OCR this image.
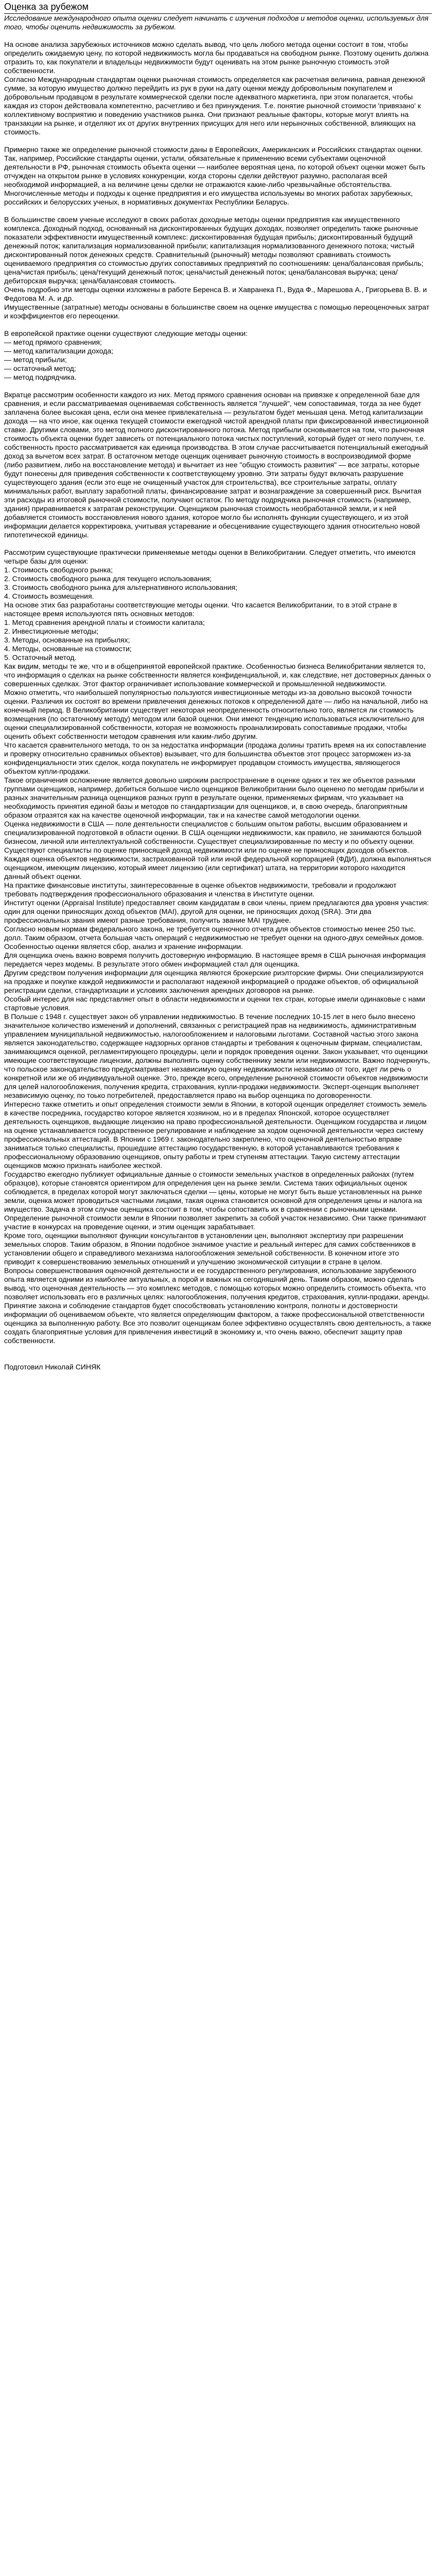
Оценка за рубежом

Исследование международного опыта оценки следует начинать с изучения подходов и методов оценки, используемых для того, чтобы оценить недвижимость за рубежом.

На основе анализа зарубежных источников можно сделать вывод, что цель любого метода оценки состоит в том, чтобы определить ожидаемую цену, по которой недвижимость могла бы продаваться на свободном рынке. Поэтому оценить должна отразить то, как покупатели и владельцы недвижимости будут оценивать на этом рынке рыночную стоимость этой собственности.

Согласно Международным стандартам оценки рыночная стоимость определяется как расчетная величина, равная денежной сумме, за которую имущество должно перейдить из рук в руки на дату оценки между добровольным покупателем и добровольным продавцом в результате коммерческой сделки после адекватного маркетинга, при этом полагается, чтобы каждая из сторон действовала компетентно, расчетливо и без принуждения. Т.е. понятие рыночной стоимости 'привязано' к коллективному восприятию и поведению участников рынка. Они признают реальные факторы, которые могут влиять на транзакции на рынке, и отделяют их от других внутренних присущих для него или нерыночных собственной, влияющих на стоимость.

Примерно также же определение рыночной стоимости даны в Европейских, Американских и Российских стандартах оценки.

Так, например, Российские стандарты оценки, устали, обязательные к применению всеми субъектами оценочной деятельности в РФ, рыночная стоимость объекта оценки — наиболее вероятная цена, по которой объект оценки может быть отчужден на открытом рынке в условиях конкуренции, когда стороны сделки действуют разумно, располагая всей необходимой информацией, а на величине цены сделки не отражаются какие-либо чрезвычайные обстоятельства.

Многочисленные методы и подходы к оценке предприятия и его имущества используемы во многих работах зарубежных, российских и белорусских ученых, в нормативных документах Республики Беларусь.

В большинстве своем ученые исследуют в своих работах доходные методы оценки предприятия как имущественного комплекса. Доходный подход, основанный на дисконтированных будущих доходах, позволяет определить также рыночные показатели эффективности имущественный комплекс: дисконтированная будущая прибыль; дисконтированный будущий денежный поток; капитализация нормализованной прибыли; капитализация нормализованного денежного потока; чистый дисконтированный поток денежных средств. Сравнительный (рыночный) методы позволяют сравнивать стоимость оцениваемого предприятия со стоимостью других сопоставимых предприятий по соотношениям: цена/балансовая прибыль; цена/чистая прибыль; цена/текущий денежный поток; цена/чистый денежный поток; цена/балансовая выручка; цена/дебиторская выручка; цена/балансовая стоимость.

Очень подробно эти методы оценки изложены в работе Беренса В. и Хавранека П., Вуда Ф., Марешова А., Григорьева В. В. и Федотова М. А. и др.

Имущественные (затратные) методы основаны в большинстве своем на оценке имущества с помощью переоценочных затрат и коэффициентов его переоценки.

В европейской практике оценки существуют следующие методы оценки:

— метод прямого сравнения;
— метод капитализации дохода;
— метод прибыли;
— остаточный метод;
— метод подрядчика.

Вкратце рассмотрим особенности каждого из них. Метод прямого сравнения основан на привязке к определенной базе для сравнения, и если рассматриваемая оцениваемая собственность является "лучшей", чем сопоставимая, тогда за нее будет заплачена более высокая цена, если она менее привлекательна — результатом будет меньшая цена. Метод капитализации дохода — на что иное, как оценка текущей стоимости ежегодной чистой арендной платы при фиксированной инвестиционной ставке. Другими словами, это метод полного дисконтированного потока. Метод прибыли основывается на том, что рыночная стоимость объекта оценки будет зависеть от потенциального потока чистых поступлений, который будет от него получен, т.е. собственность просто рассматривается как единица производства. В этом случае рассчитывается потенциальный ежегодный доход за вычетом всех затрат. В остаточном методе оценщик оценивает рыночную стоимость в воспроизводимой форме (либо развитием, либо на восстановление метода) и вычитает из нее "общую стоимость развития" — все затраты, которые будут понесены для приведения собственности к соответствующему уровню. Эти затраты будут включать разрушение существующего здания (если это еще не очищенный участок для строительства), все строительные затраты, оплату минимальных работ, выплату заработной платы, финансирование затрат и вознаграждение за совершенный риск. Вычитая эти расходы из итоговой рыночной стоимости, получают остаток. По методу подрядчика рыночная стоимость (например, здания) приравнивается к затратам реконструкции. Оценщиком рыночная стоимость необработанной земли, и к ней добавляется стоимость восстановления нового здания, которое могло бы исполнять функции существующего, и из этой информации делается корректировка, учитывая устаревание и обесценивание существующего здания относительно новой гипотетической единицы.

Рассмотрим существующие практически применяемые методы оценки в Великобритании. Следует отметить, что имеются четыре базы для оценки:

1. Стоимость свободного рынка;

2. Стоимость свободного рынка для текущего использования;

3. Стоимость свободного рынка для альтернативного использования;

4. Стоимость возмещения.

На основе этих баз разработаны соответствующие методы оценки. Что касается Великобритании, то в этой стране в настоящее время используются пять основных методов:

1. Метод сравнения арендной платы и стоимости капитала;

2. Инвестиционные методы;

3. Методы, основанные на прибылях;

4. Методы, основанные на стоимости;

5. Остаточный метод.

Как видим, методы те же, что и в общепринятой европейской практике. Особенностью бизнеса Великобритании является то, что информация о сделках на рынке собственности является конфиденциальной, и, как следствие, нет достоверных данных о совершенных сделках. Этот фактор ограничивает использование коммерческой и промышленной недвижимости.

Можно отметить, что наибольшей популярностью пользуются инвестиционные методы из-за довольно высокой точности оценки. Различия их состоят во времени привлечения денежных потоков к определенной дате — либо на начальной, либо на конечный период. В Великобритании существует некоторая неопределенность относительно того, является ли стоимость возмещения (по остаточному методу) методом или базой оценки. Они имеют тенденцию использоваться исключительно для оценки специализированной собственности, которая не возможность проанализировать сопоставимые продажи, чтобы оценить объект собственности методом сравнения или каким-либо другим.

Что касается сравнительного метода, то он за недостатка информации (продажа долины тратить время на их сопоставление и проверку относительно сравнимых объектов) вызывает, что для большинства объектов этот процесс заторможен из-за конфиденциальности этих сделок, когда покупатель не информирует продавцом стоимость имущества, являющегося объектом купли-продажи.

Такое ограничения осложнение является довольно широким распространение в оценке одних и тех же объектов разными группами оценщиков, например, добиться большое число оценщиков Великобритании было оценено по методам прибыли и разных значительным разница оценщиков разных групп в результате оценки, применяемых фирмам, что указывает на необходимость принятия единой базы и методов по стандартизации для оценщиков, и, в свою очередь, благоприятным образом отразятся как на качестве оценочной информации, так и на качестве самой методологии оценки.

Оценка недвижимости в США — поле деятельности специалистов с большим опытом работы, высшим образованием и специализированной подготовкой в области оценки. В США оценщики недвижимости, как правило, не занимаются большой бизнесом, личной или интеллектуальной собственности. Существует специализированные по месту и по объекту оценки. Существуют специалисты по оценке приносящей доход недвижимости или по оценке не приносящих доходов объектов.

Каждая оценка объектов недвижимости, застрахованной той или иной федеральной корпорацией (ФДИ), должна выполняться оценщиком, имеющим лицензию, который имеет лицензию (или сертификат) штата, на территории которого находится данный объект оценки.

На практике финансовые институты, заинтересованные в оценке объектов недвижимости, требовали и продолжают требовать подтверждения профессионального образования и членства в Институте оценки.

Институт оценки (Appraisal Institute) предоставляет своим кандидатам в свои члены, прием предлагаются два уровня участия: один для оценки приносящих доход объектов (МАI), другой для оценки, не приносящих доход (SRA). Эти два профессиональных звания имеют разные требования, получить звание МАI труднее.

Согласно новым нормам федерального закона, не требуется оценочного отчета для объектов стоимостью менее 250 тыс. долл. Таким образом, отчета большая часть операций с недвижимостью не требует оценки на одного-двух семейных домов.

Особенностью оценки является сбор, анализ и хранение информации.

Для оценщика очень важно вовремя получить достоверную информацию. В настоящее время в США рыночная информация передается через модемы. В результате этого обмен информацией стал для оценщика.

Другим средством получения информации для оценщика являются брокерские риэлторские фирмы. Они специализируются на продаже и покупке каждой недвижимости и располагают надежной информацией о продаже объектов, об официальной регистрации сделки, стандартизации и условиях заключения арендных договоров на рынке.

Особый интерес для нас представляет опыт в области недвижимости и оценки тех стран, которые имели одинаковые с нами стартовые условия.

В Польше с 1948 г. существует закон об управлении недвижимостью. В течение последних 10-15 лет в него было внесено значительное количество изменений и дополнений, связанных с регистрацией прав на недвижимость, административным управлением муниципальной недвижимостью, налогообложением и налоговыми льготами. Составной частью этого закона является законодательство, содержащее надзорных органов стандарты и требования к оценочным фирмам, специалистам, занимающимся оценкой, регламентирующего процедуры, цели и порядок проведения оценки. Закон указывает, что оценщики имеющие соответствующие лицензии, должны выполнять оценку собственнику земли или недвижимости. Важно подчеркнуть, что польское законодательство предусматривает независимую оценку недвижимости независимо от того, идет ли речь о конкретной или же об индивидуальной оценке. Это, прежде всего, определение рыночной стоимости объектов недвижимости для целей налогообложения, получения кредита, страхования, купли-продажи недвижимости. Эксперт-оценщик выполняет независимую оценку, по тоько потребителей, предоставляется право на выбор оценщика по договоренности.

Интересно также отметить и опыт определения стоимости земли в Японии, в которой оценщик определяет стоимость земель в качестве посредника, государство которое является хозяином, но и в пределах Японской, которое осуществляет деятельность оценщиков, выдающие лицензию на право профессиональной деятельности. Оценщиком государства и лицом на оценке устанавливается государственное регулирование и наблюдение за ходом оценочной деятельности через систему профессиональных аттестаций. В Японии с 1969 г. законодательно закреплено, что оценочной деятельностью вправе заниматься только специалисты, прошедшие аттестацию государственную, в которой устанавливаются требования к профессиональному образованию оценщиков, опыту работы и трем ступеням аттестации. Такую систему аттестации оценщиков можно признать наиболее жесткой.

Государство ежегодно публикует официальные данные о стоимости земельных участков в определенных районах (путем образцов), которые становятся ориентиром для определения цен на рынке земли. Система таких официальных оценок соблюдается, в пределах которой могут заключаться сделки — цены, которые не могут быть выше установленных на рынке земли, оценка может проводиться частными лицами, такая оценка становится основной для определения цены и налога на имущество. Задача в этом случае оценщика состоит в том, чтобы сопоставить их в сравнении с рыночными ценами. Определение рыночной стоимости земли в Японии позволяет закрепить за собой участок независимо. Они также принимают участие в конкурсах на проведение оценки, и этим оценщик зарабатывает.

Кроме того, оценщики выполняют функции консультантов в установлении цен, выполняют экспертизу при разрешении земельных споров. Таким образом, в Японии подобное значимое участие и реальный интерес для самих собственников в установлении общего и справедливого механизма налогообложения земельной собственности. В конечном итоге это приводит к совершенствованию земельных отношений и улучшению экономической ситуации в стране в целом.

Вопросы совершенствования оценочной деятельности и ее государственного регулирования, использование зарубежного опыта является одними из наиболее актуальных, а порой и важных на сегодняшний день. Таким образом, можно сделать вывод, что оценочная деятельность — это комплекс методов, с помощью которых можно определить стоимость объекта, что позволяет использовать его в различных целях: налогообложения, получения кредитов, страхования, купли-продажи, аренды. Принятие закона и соблюдение стандартов будет способствовать установлению контроля, полноты и достоверности информации об оцениваемом объекте, что является определяющим фактором, а также профессиональной ответственности оценщика за выполненную работу. Все это позволит оценщикам более эффективно осуществлять свою деятельность, а также создать благоприятные условия для привлечения инвестиций в экономику и, что очень важно, обеспечит защиту прав собственности.

Подготовил Николай СИНЯК
